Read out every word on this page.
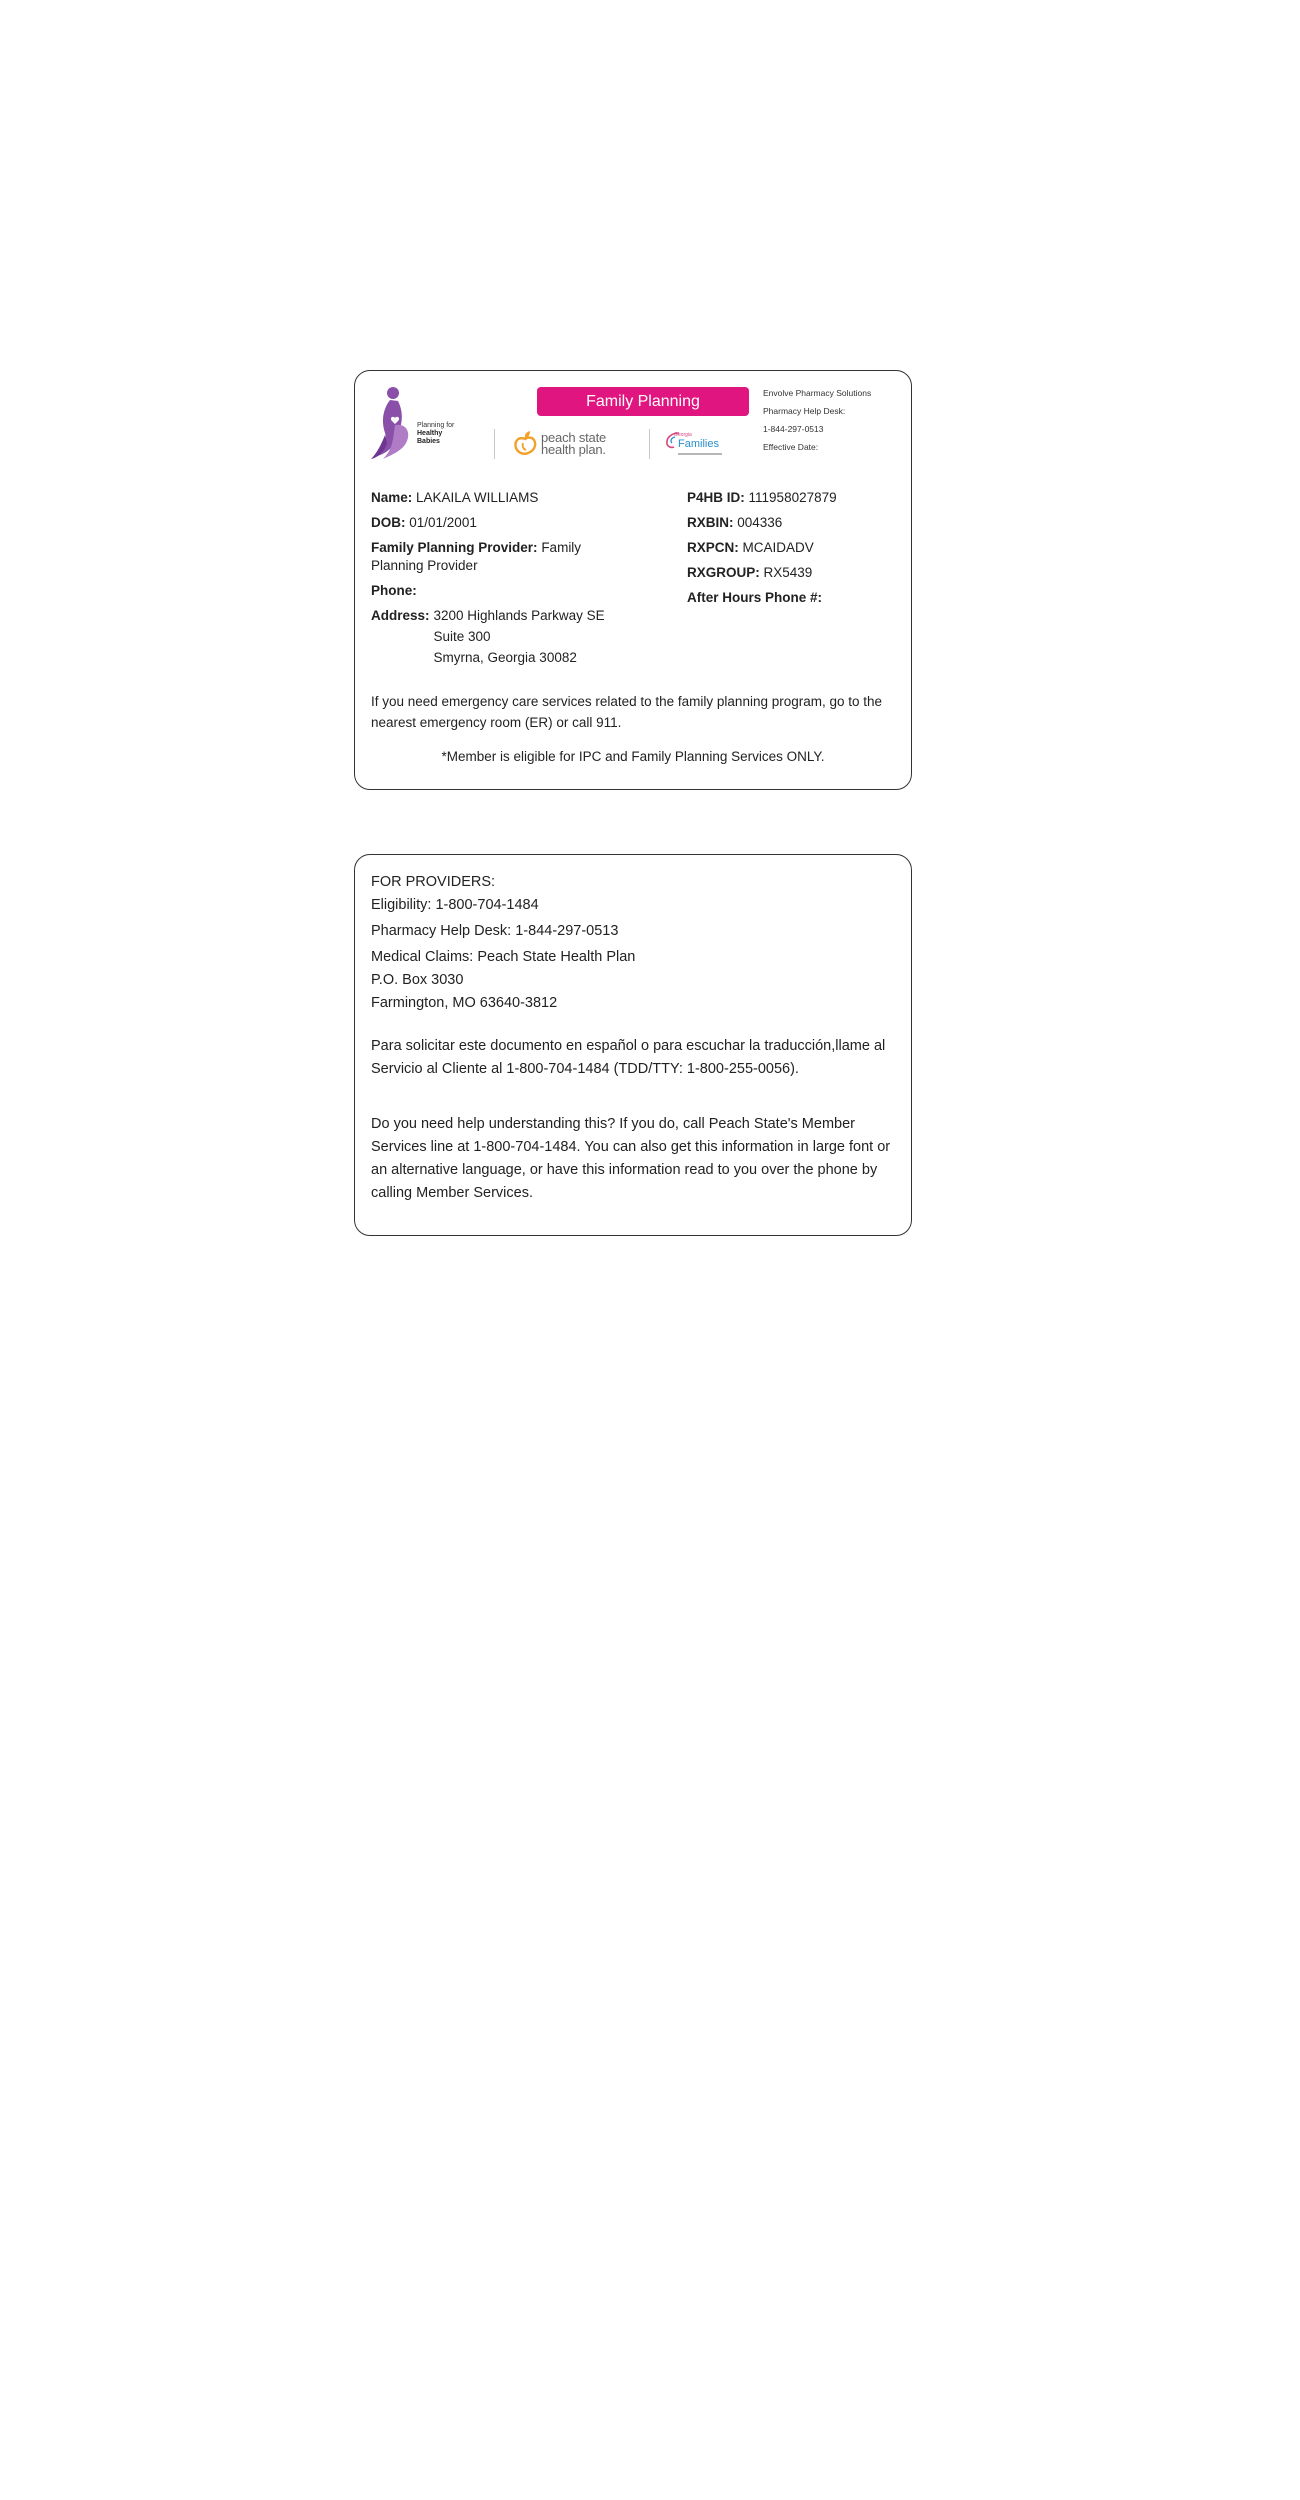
Planning for
Healthy Babies
Family Planning
peach state
health plan.
Georgia
Families
Envolve Pharmacy Solutions
Pharmacy Help Desk:
1-844-297-0513
Effective Date:
Name: LAKAILA WILLIAMS
DOB: 01/01/2001
Family Planning Provider: Family Planning Provider
Phone:
Address: 3200 Highlands Parkway SE
Suite 300
Smyrna, Georgia 30082
P4HB ID: 111958027879
RXBIN: 004336
RXPCN: MCAIDADV
RXGROUP: RX5439
After Hours Phone #:
If you need emergency care services related to the family planning program, go to the nearest emergency room (ER) or call 911.
*Member is eligible for IPC and Family Planning Services ONLY.
FOR PROVIDERS:
Eligibility: 1-800-704-1484
Pharmacy Help Desk: 1-844-297-0513
Medical Claims: Peach State Health Plan
P.O. Box 3030
Farmington, MO 63640-3812
Para solicitar este documento en español o para escuchar la traducción,llame al Servicio al Cliente al 1-800-704-1484 (TDD/TTY: 1-800-255-0056).
Do you need help understanding this? If you do, call Peach State's Member Services line at 1-800-704-1484. You can also get this information in large font or an alternative language, or have this information read to you over the phone by calling Member Services.
